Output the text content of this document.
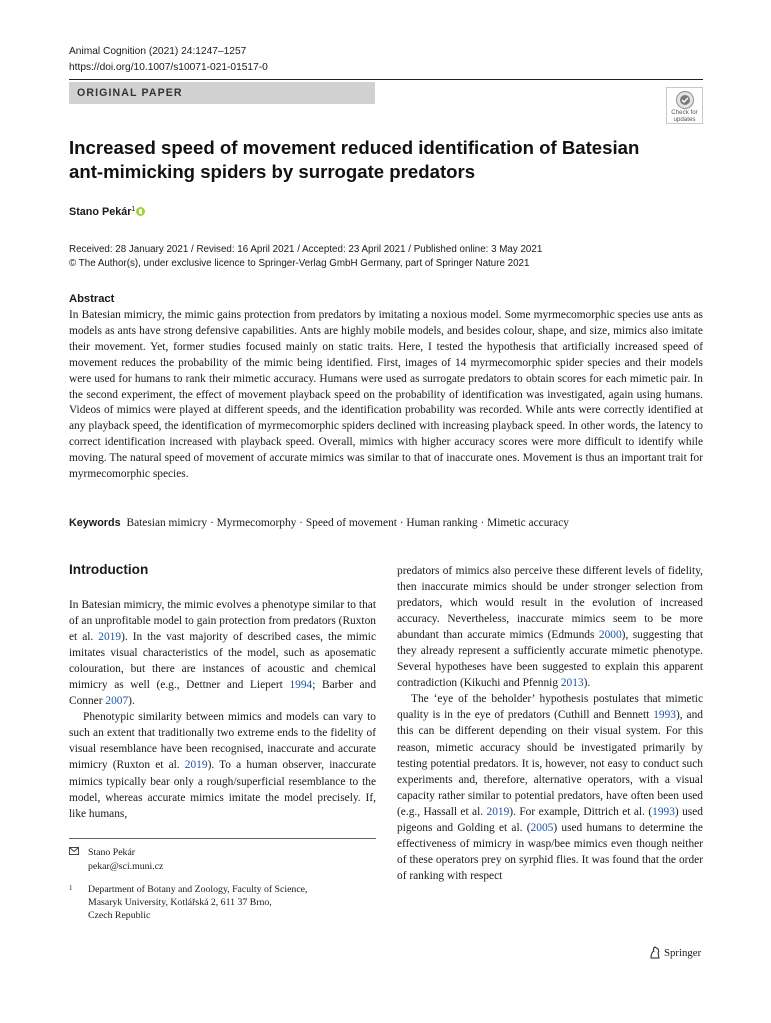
Animal Cognition (2021) 24:1247–1257
https://doi.org/10.1007/s10071-021-01517-0
ORIGINAL PAPER
Check for
updates
Increased speed of movement reduced identification of Batesian ant-mimicking spiders by surrogate predators
Stano Pekár$^1$
Received: 28 January 2021 / Revised: 16 April 2021 / Accepted: 23 April 2021 / Published online: 3 May 2021
© The Author(s), under exclusive licence to Springer-Verlag GmbH Germany, part of Springer Nature 2021
Abstract

In Batesian mimicry, the mimic gains protection from predators by imitating a noxious model. Some myrmecomorphic species use ants as models as ants have strong defensive capabilities. Ants are highly mobile models, and besides colour, shape, and size, mimics also imitate their movement. Yet, former studies focused mainly on static traits. Here, I tested the hypothesis that artificially increased speed of movement reduces the probability of the mimic being identified. First, images of 14 myrmecomorphic spider species and their models were used for humans to rank their mimetic accuracy. Humans were used as surrogate predators to obtain scores for each mimetic pair. In the second experiment, the effect of movement playback speed on the probability of identification was investigated, again using humans. Videos of mimics were played at different speeds, and the identification probability was recorded. While ants were correctly identified at any playback speed, the identification of myrmecomorphic spiders declined with increasing playback speed. In other words, the latency to correct identification increased with playback speed. Overall, mimics with higher accuracy scores were more difficult to identify while moving. The natural speed of movement of accurate mimics was similar to that of inaccurate ones. Movement is thus an important trait for myrmecomorphic species.

Keywords Batesian mimicry · Myrmecomorphy · Speed of movement · Human ranking · Mimetic accuracy
Introduction

In Batesian mimicry, the mimic evolves a phenotype similar to that of an unprofitable model to gain protection from predators (Ruxton et al. 2019). In the vast majority of described cases, the mimic imitates visual characteristics of the model, such as aposematic colouration, but there are instances of acoustic and chemical mimicry as well (e.g., Dettner and Liepert 1994; Barber and Conner 2007).

Phenotypic similarity between mimics and models can vary to such an extent that traditionally two extreme ends to the fidelity of visual resemblance have been recognised, inaccurate and accurate mimicry (Ruxton et al. 2019). To a human observer, inaccurate mimics typically bear only a rough/superficial resemblance to the model, whereas accurate mimics imitate the model precisely. If, like humans,

predators of mimics also perceive these different levels of fidelity, then inaccurate mimics should be under stronger selection from predators, which would result in the evolution of increased accuracy. Nevertheless, inaccurate mimics seem to be more abundant than accurate mimics (Edmunds 2000), suggesting that they already represent a sufficiently accurate mimetic phenotype. Several hypotheses have been suggested to explain this apparent contradiction (Kikuchi and Pfennig 2013).

The ‘eye of the beholder’ hypothesis postulates that mimetic quality is in the eye of predators (Cuthill and Bennett 1993), and this can be different depending on their visual system. For this reason, mimetic accuracy should be investigated primarily by testing potential predators. It is, however, not easy to conduct such experiments and, therefore, alternative operators, with a visual capacity rather similar to potential predators, have often been used (e.g., Hassall et al. 2019). For example, Dittrich et al. (1993) used pigeons and Golding et al. (2005) used humans to determine the effectiveness of mimicry in wasp/bee mimics even though neither of these operators prey on syrphid flies. It was found that the order of ranking with respect

Stano Pekár
pekar@sci.muni.cz
1 Department of Botany and Zoology, Faculty of Science,
Masaryk University, Kotlářská 2, 611 37 Brno,
Czech Republic
Springer
